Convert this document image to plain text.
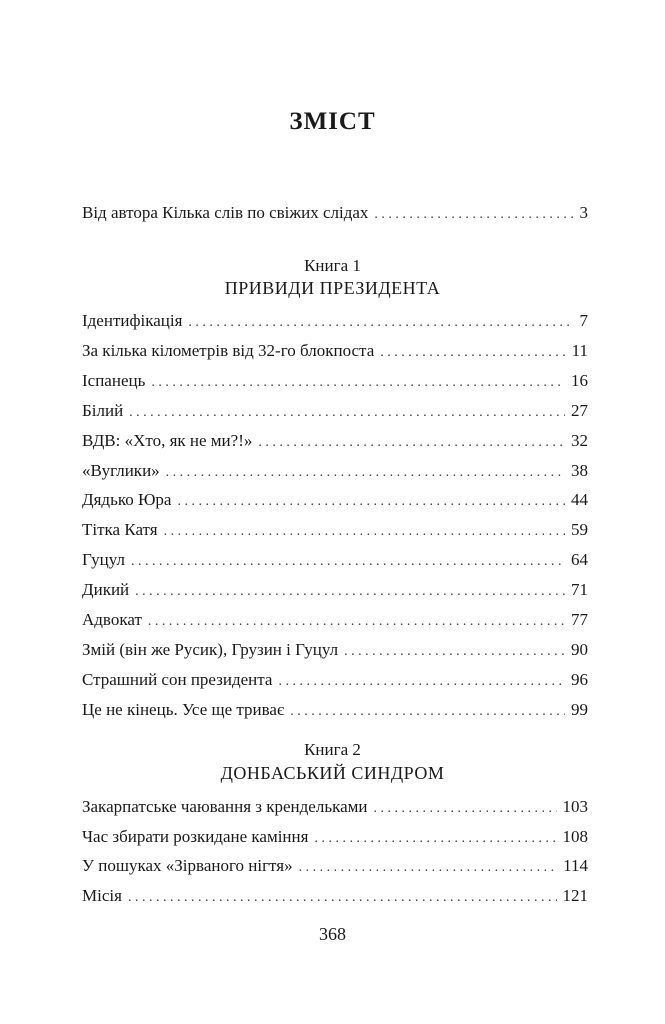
ЗМІСТ
Від автора Кілька слів по свіжих слідах . . .	3
Книга 1
ПРИВИДИ ПРЕЗИДЕНТА
Ідентифікація . . .	7
За кілька кілометрів від 32-го блокпоста . . .	11
Іспанець . . .	16
Білий . . .	27
ВДВ: «Хто, як не ми?!» . . .	32
«Вуглики» . . .	38
Дядько Юра . . .	44
Тітка Катя . . .	59
Гуцул . . .	64
Дикий . . .	71
Адвокат . . .	77
Змій (він же Русик), Грузин і Гуцул . . .	90
Страшний сон президента . . .	96
Це не кінець. Усе ще триває . . .	99
Книга 2
ДОНБАСЬКИЙ СИНДРОМ
Закарпатське чаювання з крендельками . . .	103
Час збирати розкидане каміння . . .	108
У пошуках «Зірваного нігтя» . . .	114
Місія . . .	121
368
